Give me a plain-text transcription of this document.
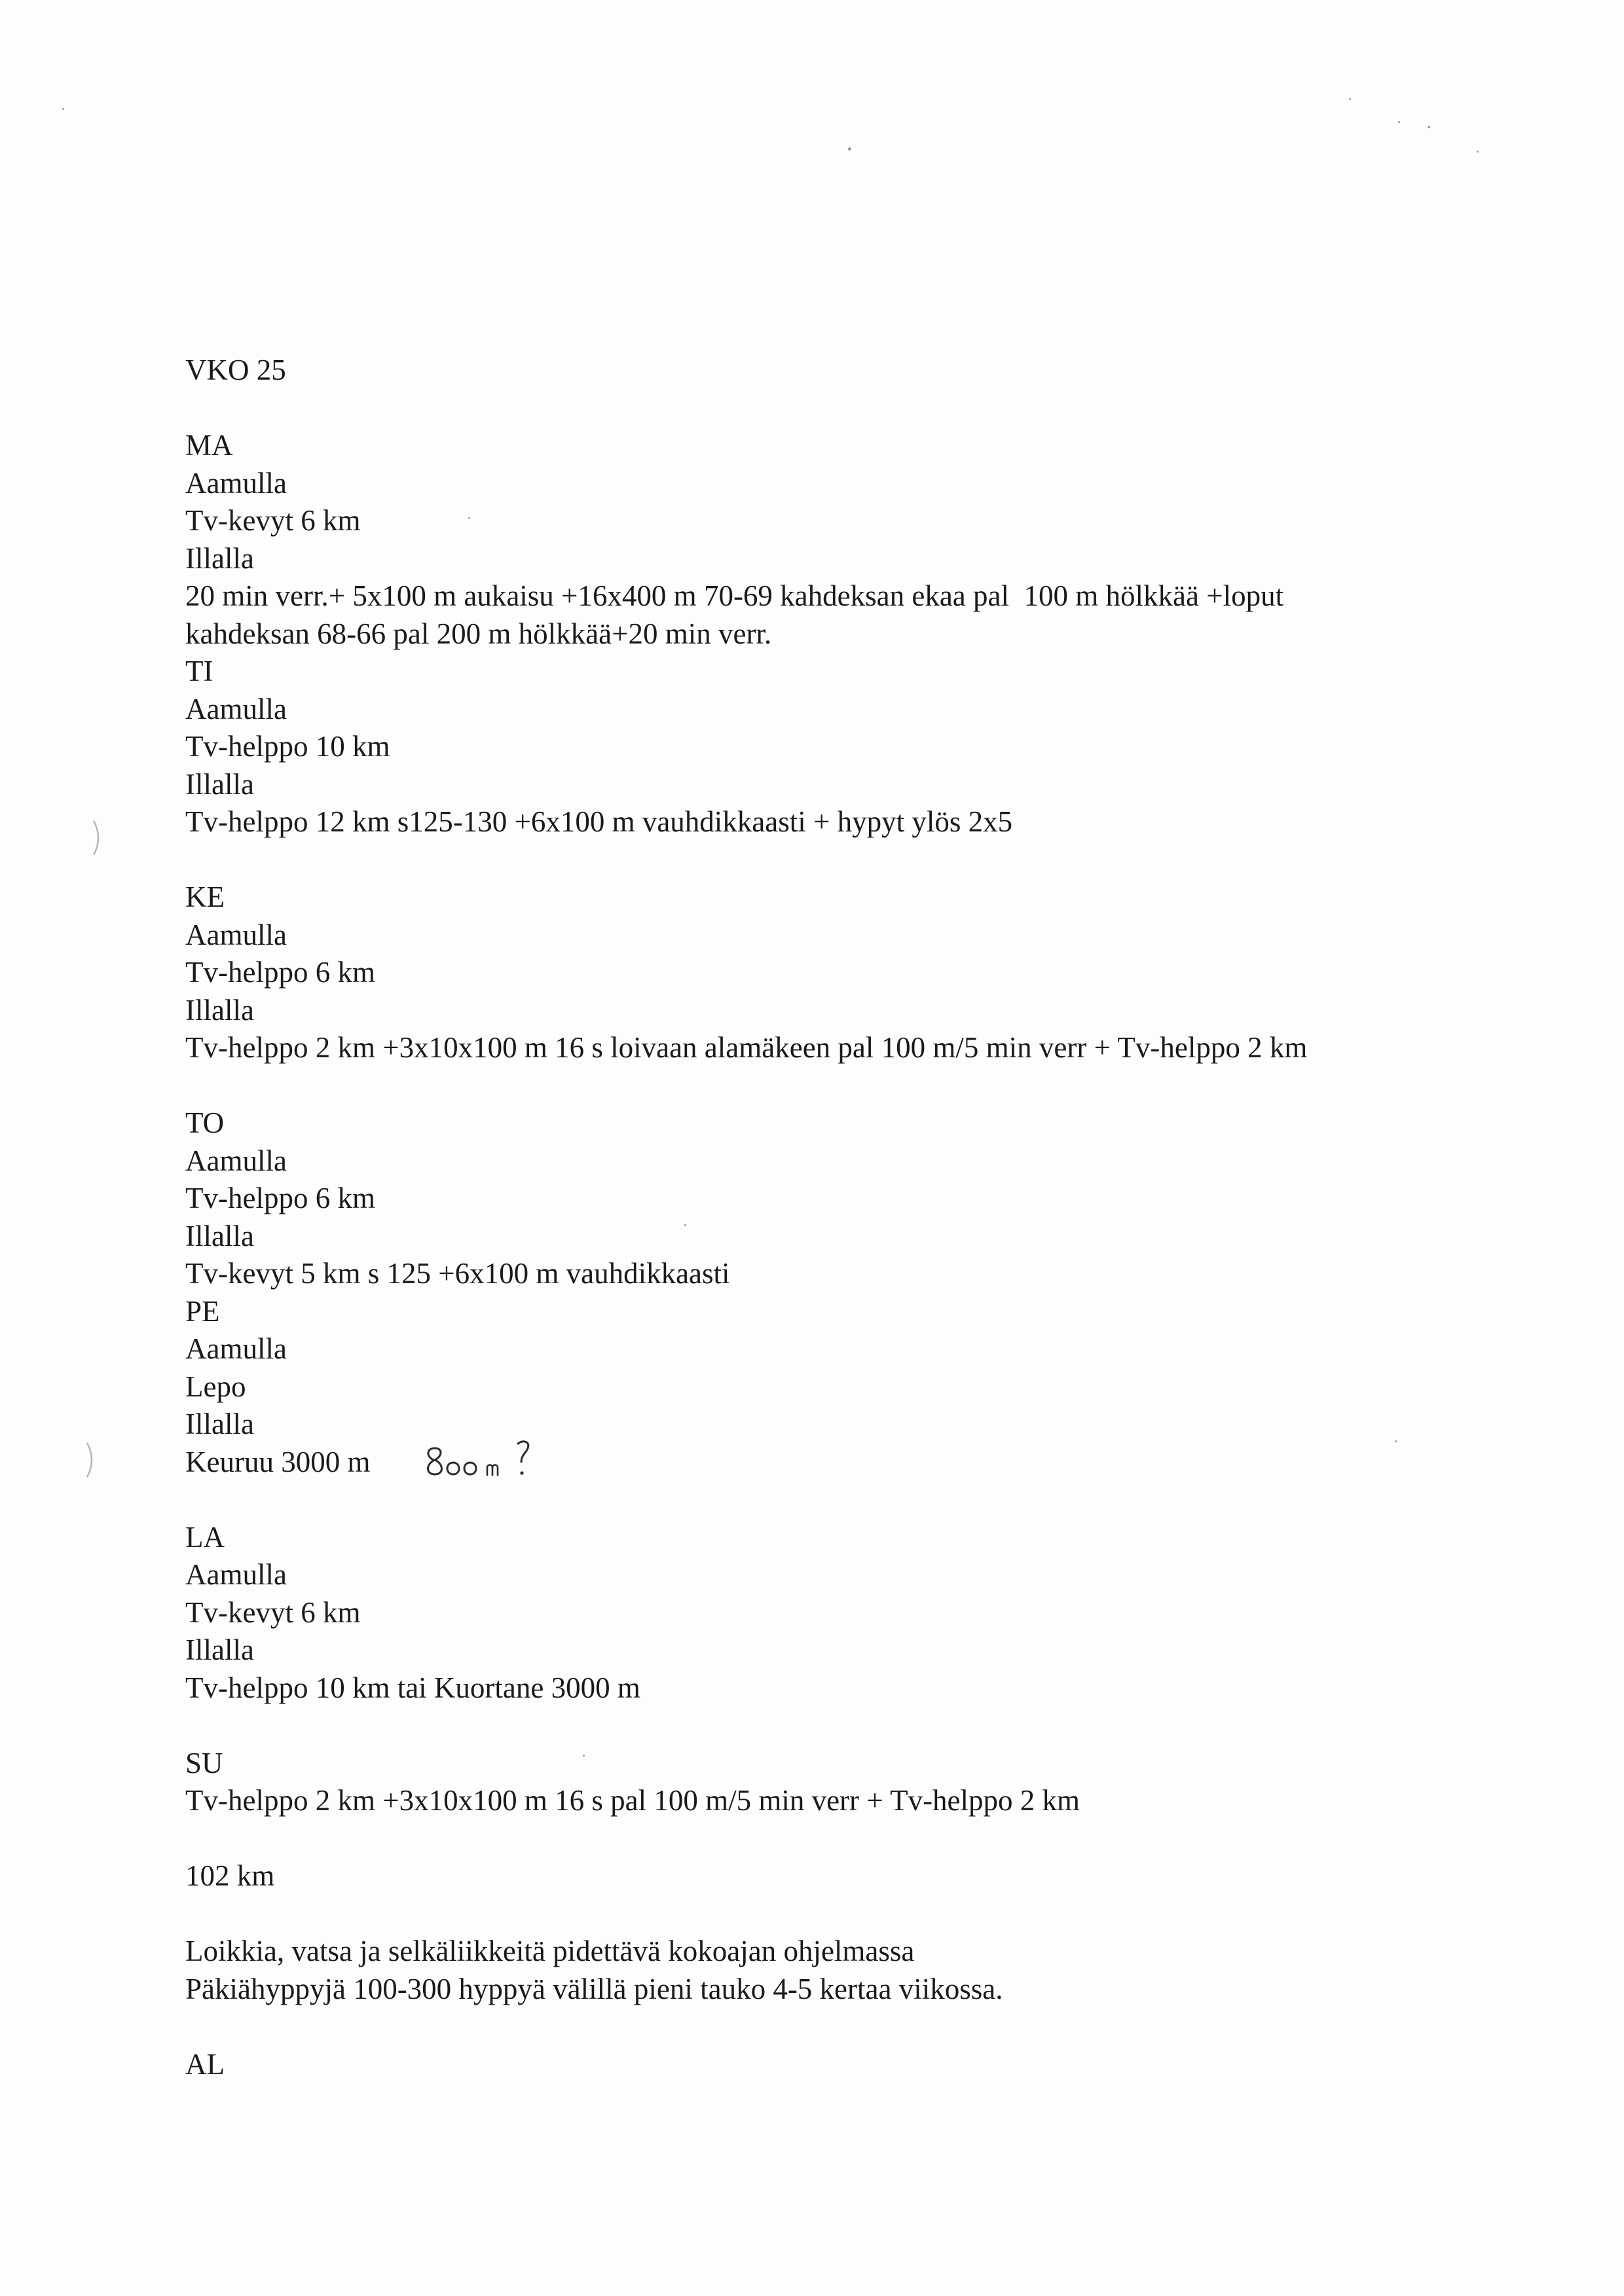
VKO 25
MA
Aamulla
Tv-kevyt 6 km
Illalla
20 min verr.+ 5x100 m aukaisu +16x400 m 70-69 kahdeksan ekaa pal  100 m hölkkää +loput
kahdeksan 68-66 pal 200 m hölkkää+20 min verr.
TI
Aamulla
Tv-helppo 10 km
Illalla
Tv-helppo 12 km s125-130 +6x100 m vauhdikkaasti + hypyt ylös 2x5
KE
Aamulla
Tv-helppo 6 km
Illalla
Tv-helppo 2 km +3x10x100 m 16 s loivaan alamäkeen pal 100 m/5 min verr + Tv-helppo 2 km
TO
Aamulla
Tv-helppo 6 km
Illalla
Tv-kevyt 5 km s 125 +6x100 m vauhdikkaasti
PE
Aamulla
Lepo
Illalla
Keuruu 3000 m
LA
Aamulla
Tv-kevyt 6 km
Illalla
Tv-helppo 10 km tai Kuortane 3000 m
SU
Tv-helppo 2 km +3x10x100 m 16 s pal 100 m/5 min verr + Tv-helppo 2 km
102 km
Loikkia, vatsa ja selkäliikkeitä pidettävä kokoajan ohjelmassa
Päkiähyppyjä 100-300 hyppyä välillä pieni tauko 4-5 kertaa viikossa.
AL
